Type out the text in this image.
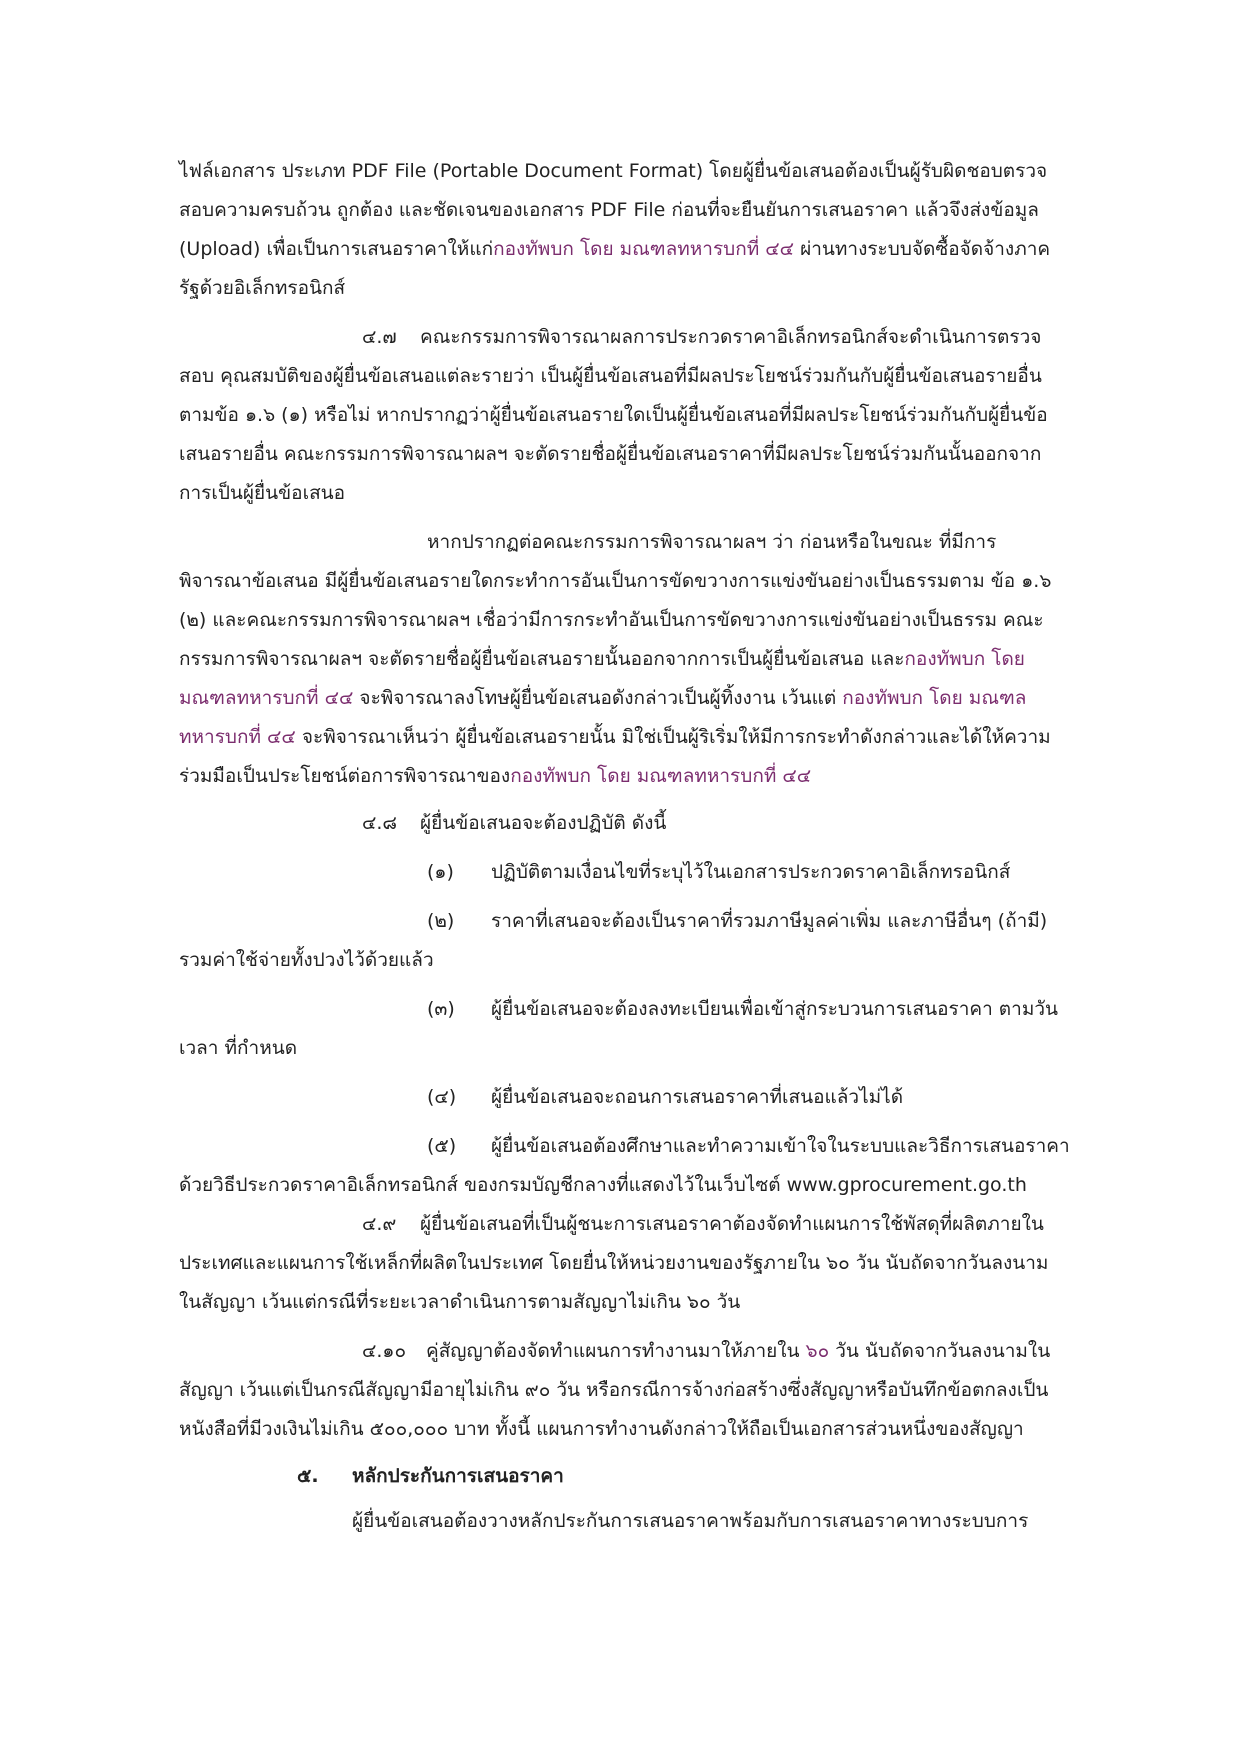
ไฟล์เอกสาร ประเภท PDF File (Portable Document Format) โดยผู้ยื่นข้อเสนอต้องเป็นผู้รับผิดชอบตรวจ
สอบความครบถ้วน ถูกต้อง และชัดเจนของเอกสาร PDF File ก่อนที่จะยืนยันการเสนอราคา แล้วจึงส่งข้อมูล
(Upload) เพื่อเป็นการเสนอราคาให้แก่กองทัพบก โดย มณฑลทหารบกที่ ๔๔ ผ่านทางระบบจัดซื้อจัดจ้างภาค
รัฐด้วยอิเล็กทรอนิกส์
๔.๗ คณะกรรมการพิจารณาผลการประกวดราคาอิเล็กทรอนิกส์จะดำเนินการตรวจ
สอบ คุณสมบัติของผู้ยื่นข้อเสนอแต่ละรายว่า เป็นผู้ยื่นข้อเสนอที่มีผลประโยชน์ร่วมกันกับผู้ยื่นข้อเสนอรายอื่น
ตามข้อ ๑.๖ (๑) หรือไม่ หากปรากฏว่าผู้ยื่นข้อเสนอรายใดเป็นผู้ยื่นข้อเสนอที่มีผลประโยชน์ร่วมกันกับผู้ยื่นข้อ
เสนอรายอื่น คณะกรรมการพิจารณาผลฯ จะตัดรายชื่อผู้ยื่นข้อเสนอราคาที่มีผลประโยชน์ร่วมกันนั้นออกจาก
การเป็นผู้ยื่นข้อเสนอ
หากปรากฏต่อคณะกรรมการพิจารณาผลฯ ว่า ก่อนหรือในขณะ ที่มีการ
พิจารณาข้อเสนอ มีผู้ยื่นข้อเสนอรายใดกระทำการอันเป็นการขัดขวางการแข่งขันอย่างเป็นธรรมตาม ข้อ ๑.๖
(๒) และคณะกรรมการพิจารณาผลฯ เชื่อว่ามีการกระทำอันเป็นการขัดขวางการแข่งขันอย่างเป็นธรรม คณะ
กรรมการพิจารณาผลฯ จะตัดรายชื่อผู้ยื่นข้อเสนอรายนั้นออกจากการเป็นผู้ยื่นข้อเสนอ และกองทัพบก โดย
มณฑลทหารบกที่ ๔๔ จะพิจารณาลงโทษผู้ยื่นข้อเสนอดังกล่าวเป็นผู้ทิ้งงาน เว้นแต่ กองทัพบก โดย มณฑล
ทหารบกที่ ๔๔ จะพิจารณาเห็นว่า ผู้ยื่นข้อเสนอรายนั้น มิใช่เป็นผู้ริเริ่มให้มีการกระทำดังกล่าวและได้ให้ความ
ร่วมมือเป็นประโยชน์ต่อการพิจารณาของกองทัพบก โดย มณฑลทหารบกที่ ๔๔
๔.๘ ผู้ยื่นข้อเสนอจะต้องปฏิบัติ ดังนี้
(๑) ปฏิบัติตามเงื่อนไขที่ระบุไว้ในเอกสารประกวดราคาอิเล็กทรอนิกส์
(๒) ราคาที่เสนอจะต้องเป็นราคาที่รวมภาษีมูลค่าเพิ่ม และภาษีอื่นๆ (ถ้ามี)
รวมค่าใช้จ่ายทั้งปวงไว้ด้วยแล้ว
(๓) ผู้ยื่นข้อเสนอจะต้องลงทะเบียนเพื่อเข้าสู่กระบวนการเสนอราคา ตามวัน
เวลา ที่กำหนด
(๔) ผู้ยื่นข้อเสนอจะถอนการเสนอราคาที่เสนอแล้วไม่ได้
(๕) ผู้ยื่นข้อเสนอต้องศึกษาและทำความเข้าใจในระบบและวิธีการเสนอราคา
ด้วยวิธีประกวดราคาอิเล็กทรอนิกส์ ของกรมบัญชีกลางที่แสดงไว้ในเว็บไซต์ www.gprocurement.go.th
๔.๙ ผู้ยื่นข้อเสนอที่เป็นผู้ชนะการเสนอราคาต้องจัดทำแผนการใช้พัสดุที่ผลิตภายใน
ประเทศและแผนการใช้เหล็กที่ผลิตในประเทศ โดยยื่นให้หน่วยงานของรัฐภายใน ๖๐ วัน นับถัดจากวันลงนาม
ในสัญญา เว้นแต่กรณีที่ระยะเวลาดำเนินการตามสัญญาไม่เกิน ๖๐ วัน
๔.๑๐ คู่สัญญาต้องจัดทำแผนการทำงานมาให้ภายใน ๖๐ วัน นับถัดจากวันลงนามใน
สัญญา เว้นแต่เป็นกรณีสัญญามีอายุไม่เกิน ๙๐ วัน หรือกรณีการจ้างก่อสร้างซึ่งสัญญาหรือบันทึกข้อตกลงเป็น
หนังสือที่มีวงเงินไม่เกิน ๕๐๐,๐๐๐ บาท ทั้งนี้ แผนการทำงานดังกล่าวให้ถือเป็นเอกสารส่วนหนึ่งของสัญญา
๕. หลักประกันการเสนอราคา
ผู้ยื่นข้อเสนอต้องวางหลักประกันการเสนอราคาพร้อมกับการเสนอราคาทางระบบการ
